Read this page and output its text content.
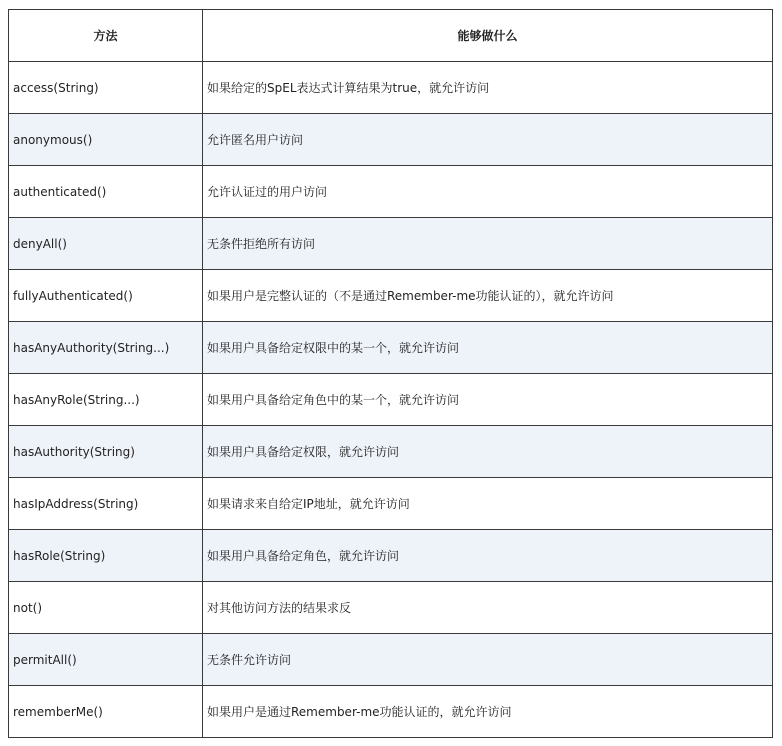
方法	能够做什么
access(String)	如果给定的SpEL表达式计算结果为true，就允许访问
anonymous()	允许匿名用户访问
authenticated()	允许认证过的用户访问
denyAll()	无条件拒绝所有访问
fullyAuthenticated()	如果用户是完整认证的（不是通过Remember-me功能认证的），就允许访问
hasAnyAuthority(String...)	如果用户具备给定权限中的某一个，就允许访问
hasAnyRole(String...)	如果用户具备给定角色中的某一个，就允许访问
hasAuthority(String)	如果用户具备给定权限，就允许访问
hasIpAddress(String)	如果请求来自给定IP地址，就允许访问
hasRole(String)	如果用户具备给定角色，就允许访问
not()	对其他访问方法的结果求反
permitAll()	无条件允许访问
rememberMe()	如果用户是通过Remember-me功能认证的，就允许访问
